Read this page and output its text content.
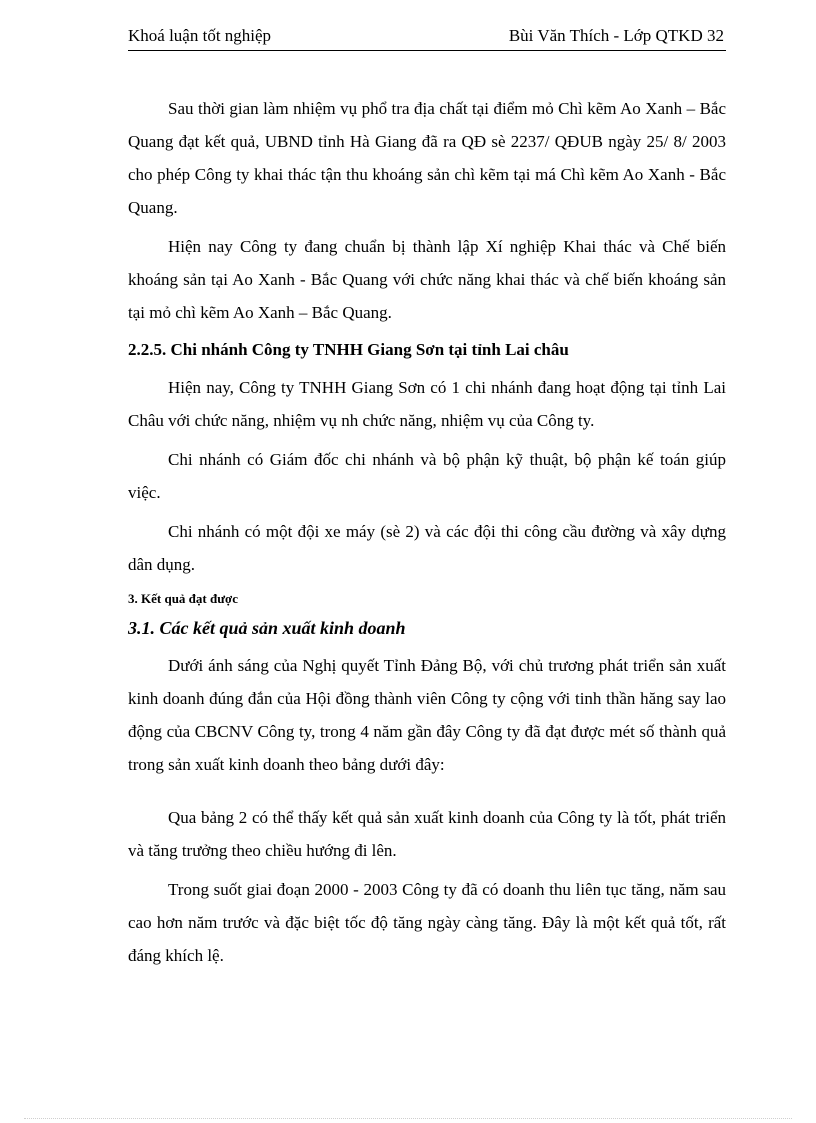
Khoá luận tốt nghiệp	Bùi Văn Thích - Lớp QTKD 32

Sau thời gian làm nhiệm vụ phổ tra địa chất tại điểm mỏ Chì kẽm Ao Xanh – Bắc Quang đạt kết quả, UBND tỉnh Hà Giang đã ra QĐ sè 2237/ QĐUB ngày 25/ 8/ 2003 cho phép Công ty khai thác tận thu khoáng sản chì kẽm tại má Chì kẽm Ao Xanh - Bắc Quang.

Hiện nay Công ty đang chuẩn bị thành lập Xí nghiệp Khai thác và Chế biến khoáng sản tại Ao Xanh - Bắc Quang với chức năng khai thác và chế biến khoáng sản tại mỏ chì kẽm Ao Xanh – Bắc Quang.

2.2.5. Chi nhánh Công ty TNHH Giang Sơn tại tỉnh Lai châu

Hiện nay, Công ty TNHH Giang Sơn có 1 chi nhánh đang hoạt động tại tỉnh Lai Châu với chức năng, nhiệm vụ nh chức năng, nhiệm vụ của Công ty.

Chi nhánh có Giám đốc chi nhánh và bộ phận kỹ thuật, bộ phận kế toán giúp việc.

Chi nhánh có một đội xe máy (sè 2) và các đội thi công cầu đường và xây dựng dân dụng.

3. Kết quả đạt được
3.1. Các kết quả sản xuất kinh doanh

Dưới ánh sáng của Nghị quyết Tỉnh Đảng Bộ, với chủ trương phát triển sản xuất kinh doanh đúng đắn của Hội đồng thành viên Công ty cộng với tinh thần hăng say lao động của CBCNV Công ty, trong 4 năm gần đây Công ty đã đạt được mét số thành quả trong sản xuất kinh doanh theo bảng dưới đây:

Qua bảng 2 có thể thấy kết quả sản xuất kinh doanh của Công ty là tốt, phát triển và tăng trưởng theo chiều hướng đi lên.

Trong suốt giai đoạn 2000 - 2003 Công ty đã có doanh thu liên tục tăng, năm sau cao hơn năm trước và đặc biệt tốc độ tăng ngày càng tăng. Đây là một kết quả tốt, rất đáng khích lệ.
